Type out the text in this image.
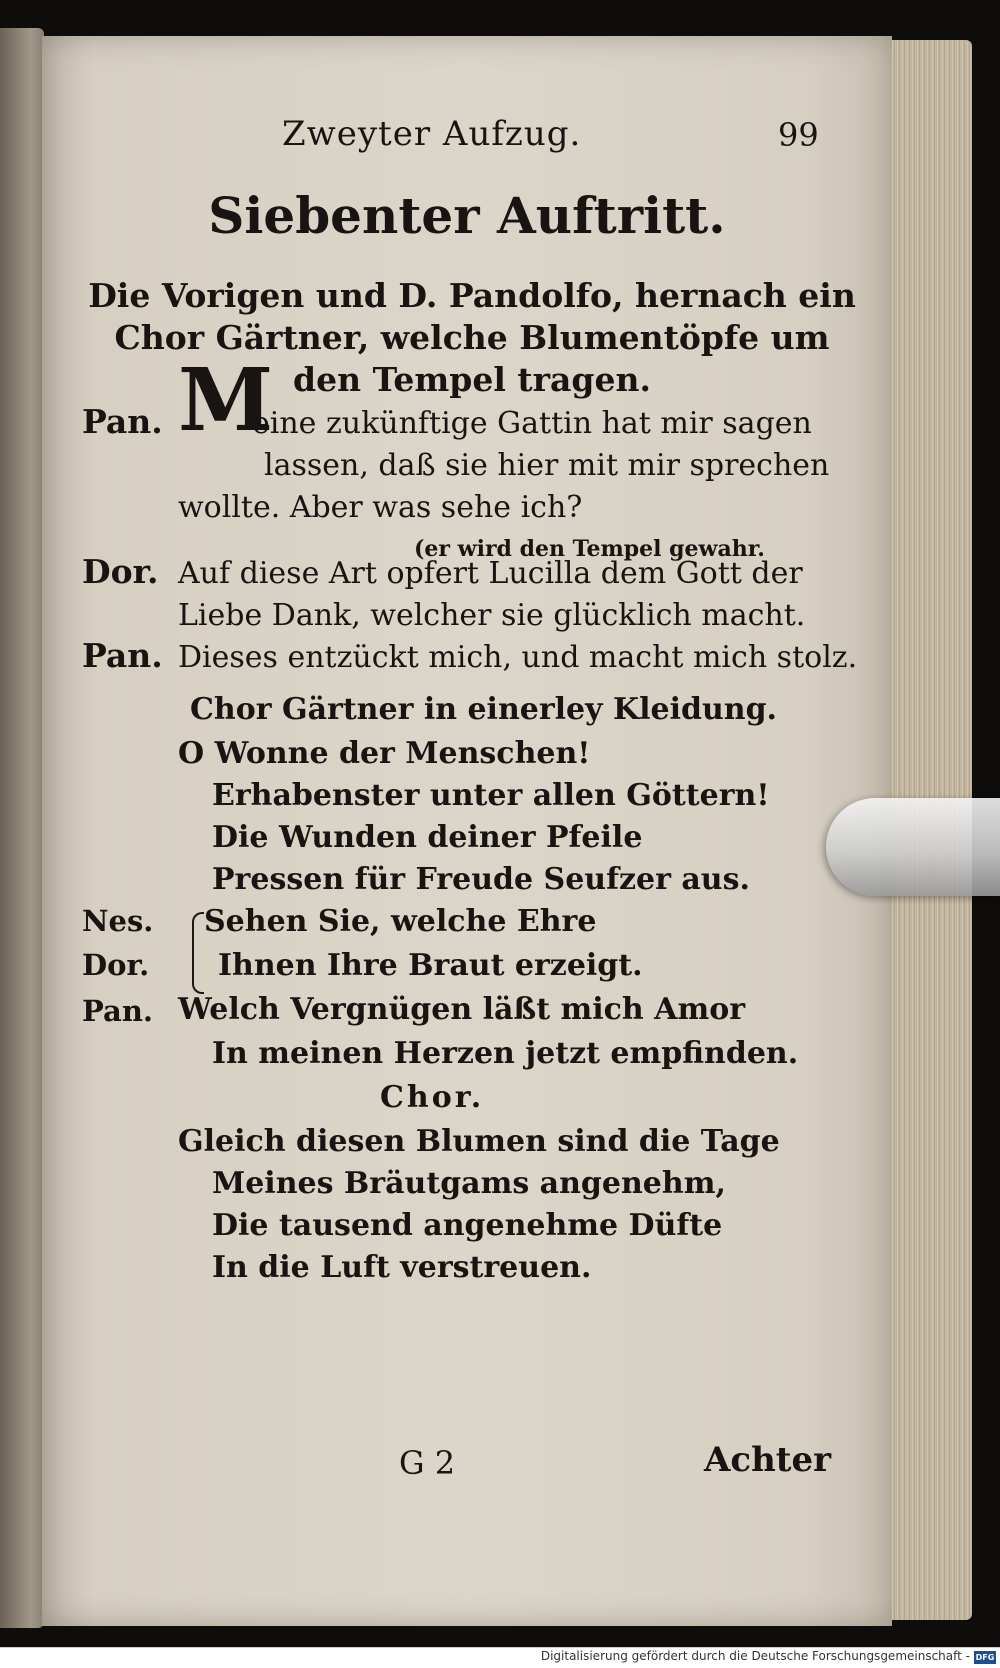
Zweyter Aufzug.	99
Siebenter Auftritt.
Die Vorigen und D. Pandolfo, hernach ein
Chor Gärtner, welche Blumentöpfe um
den Tempel tragen.
Pan. M
eine zukünftige Gattin hat mir sagen
lassen, daß sie hier mit mir sprechen
wollte. Aber was sehe ich?
(er wird den Tempel gewahr.
Dor. Auf diese Art opfert Lucilla dem Gott der
Liebe Dank, welcher sie glücklich macht.
Pan. Dieses entzückt mich, und macht mich stolz.
Chor Gärtner in einerley Kleidung.
O Wonne der Menschen!
Erhabenster unter allen Göttern!
Die Wunden deiner Pfeile
Pressen für Freude Seufzer aus.
Nes.
Dor.
Sehen Sie, welche Ehre
Ihnen Ihre Braut erzeigt.
Pan. Welch Vergnügen läßt mich Amor
In meinen Herzen jetzt empfinden.
Chor.
Gleich diesen Blumen sind die Tage
Meines Bräutgams angenehm,
Die tausend angenehme Düfte
In die Luft verstreuen.
G 2	Achter
Digitalisierung gefördert durch die Deutsche Forschungsgemeinschaft - DFG
